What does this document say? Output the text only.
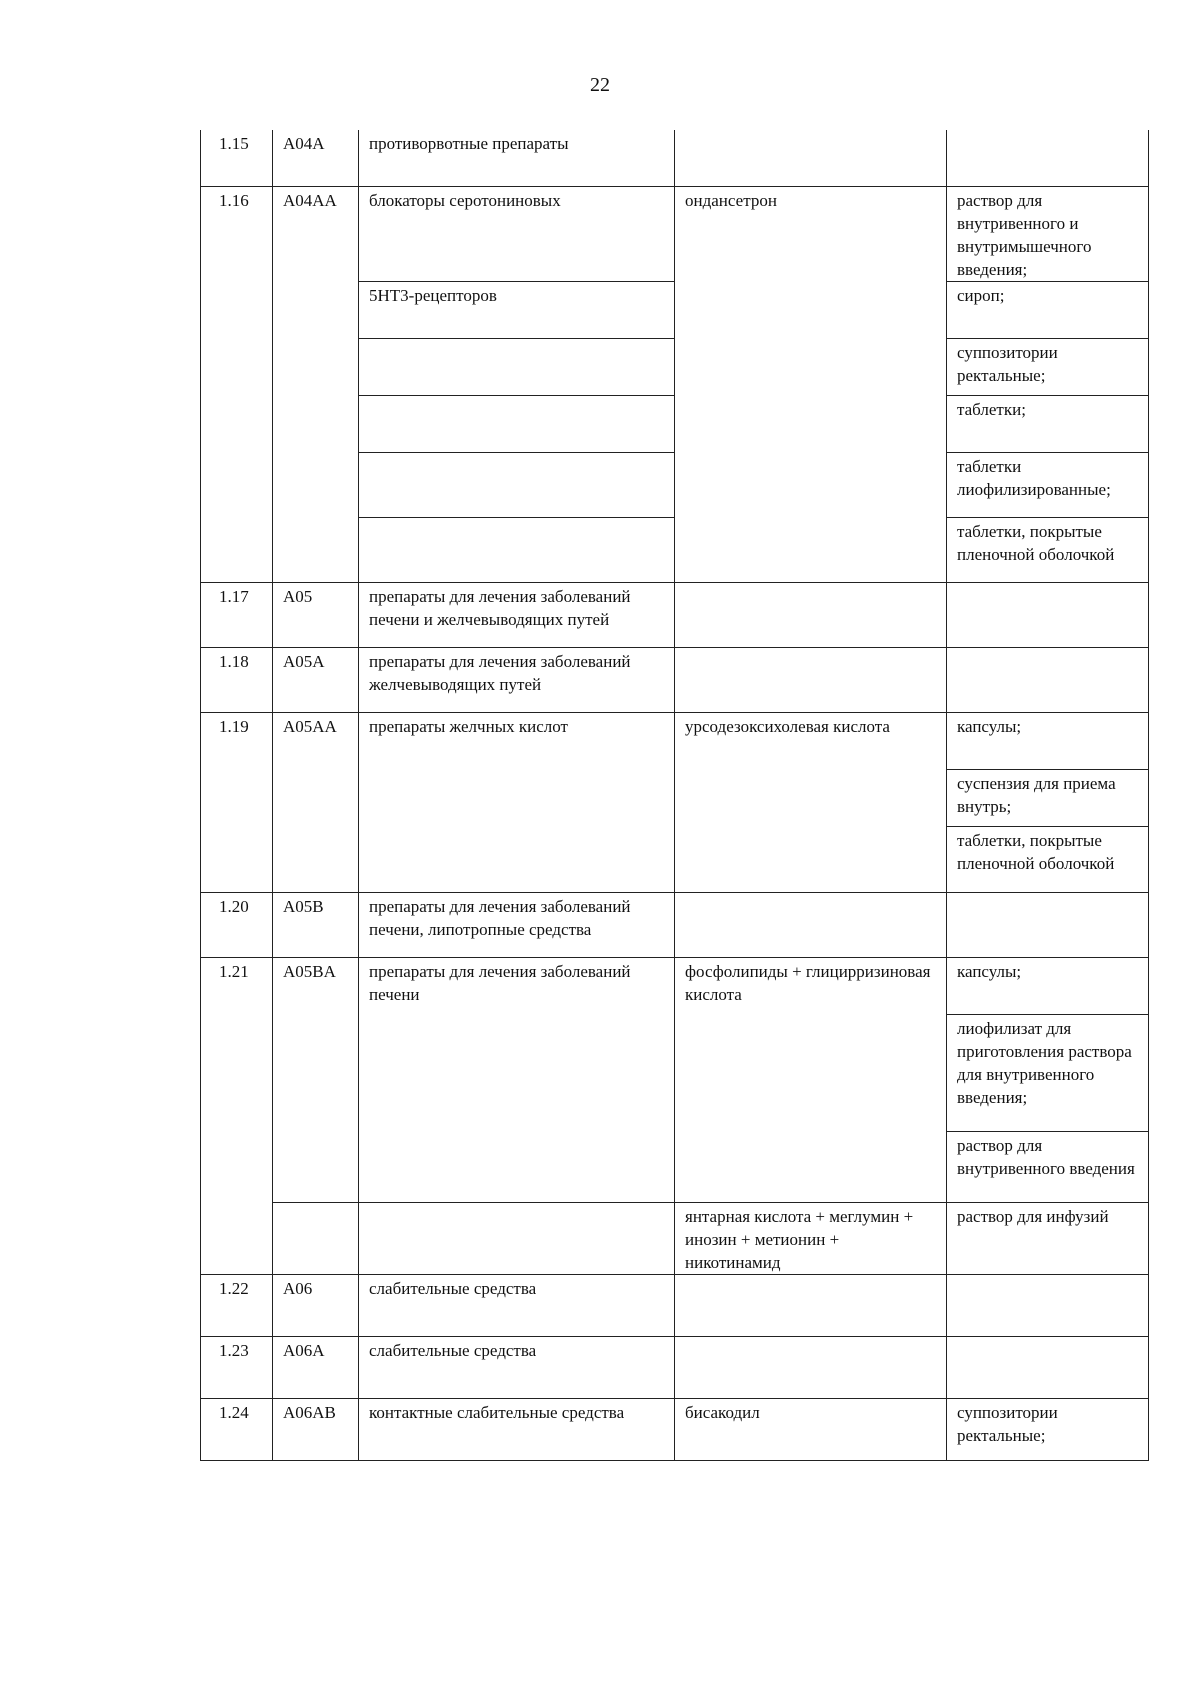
22
1.15	A04A	противорвотные препараты		
1.16	A04AA	блокаторы серотониновых	ондансетрон	раствор для внутривенного и внутримышечного введения;
		5HT3-рецепторов		сироп;
				суппозитории ректальные;
				таблетки;
				таблетки лиофилизированные;
				таблетки, покрытые пленочной оболочкой
1.17	A05	препараты для лечения заболеваний печени и желчевыводящих путей		
1.18	A05A	препараты для лечения заболеваний желчевыводящих путей		
1.19	A05AA	препараты желчных кислот	урсодезоксихолевая кислота	капсулы;
				суспензия для приема внутрь;
				таблетки, покрытые пленочной оболочкой
1.20	A05B	препараты для лечения заболеваний печени, липотропные средства		
1.21	A05BA	препараты для лечения заболеваний печени	фосфолипиды + глицирризиновая кислота	капсулы;
				лиофилизат для приготовления раствора для внутривенного введения;
				раствор для внутривенного введения
			янтарная кислота + меглумин + инозин + метионин + никотинамид	раствор для инфузий
1.22	A06	слабительные средства		
1.23	A06A	слабительные средства		
1.24	A06AB	контактные слабительные средства	бисакодил	суппозитории ректальные;
